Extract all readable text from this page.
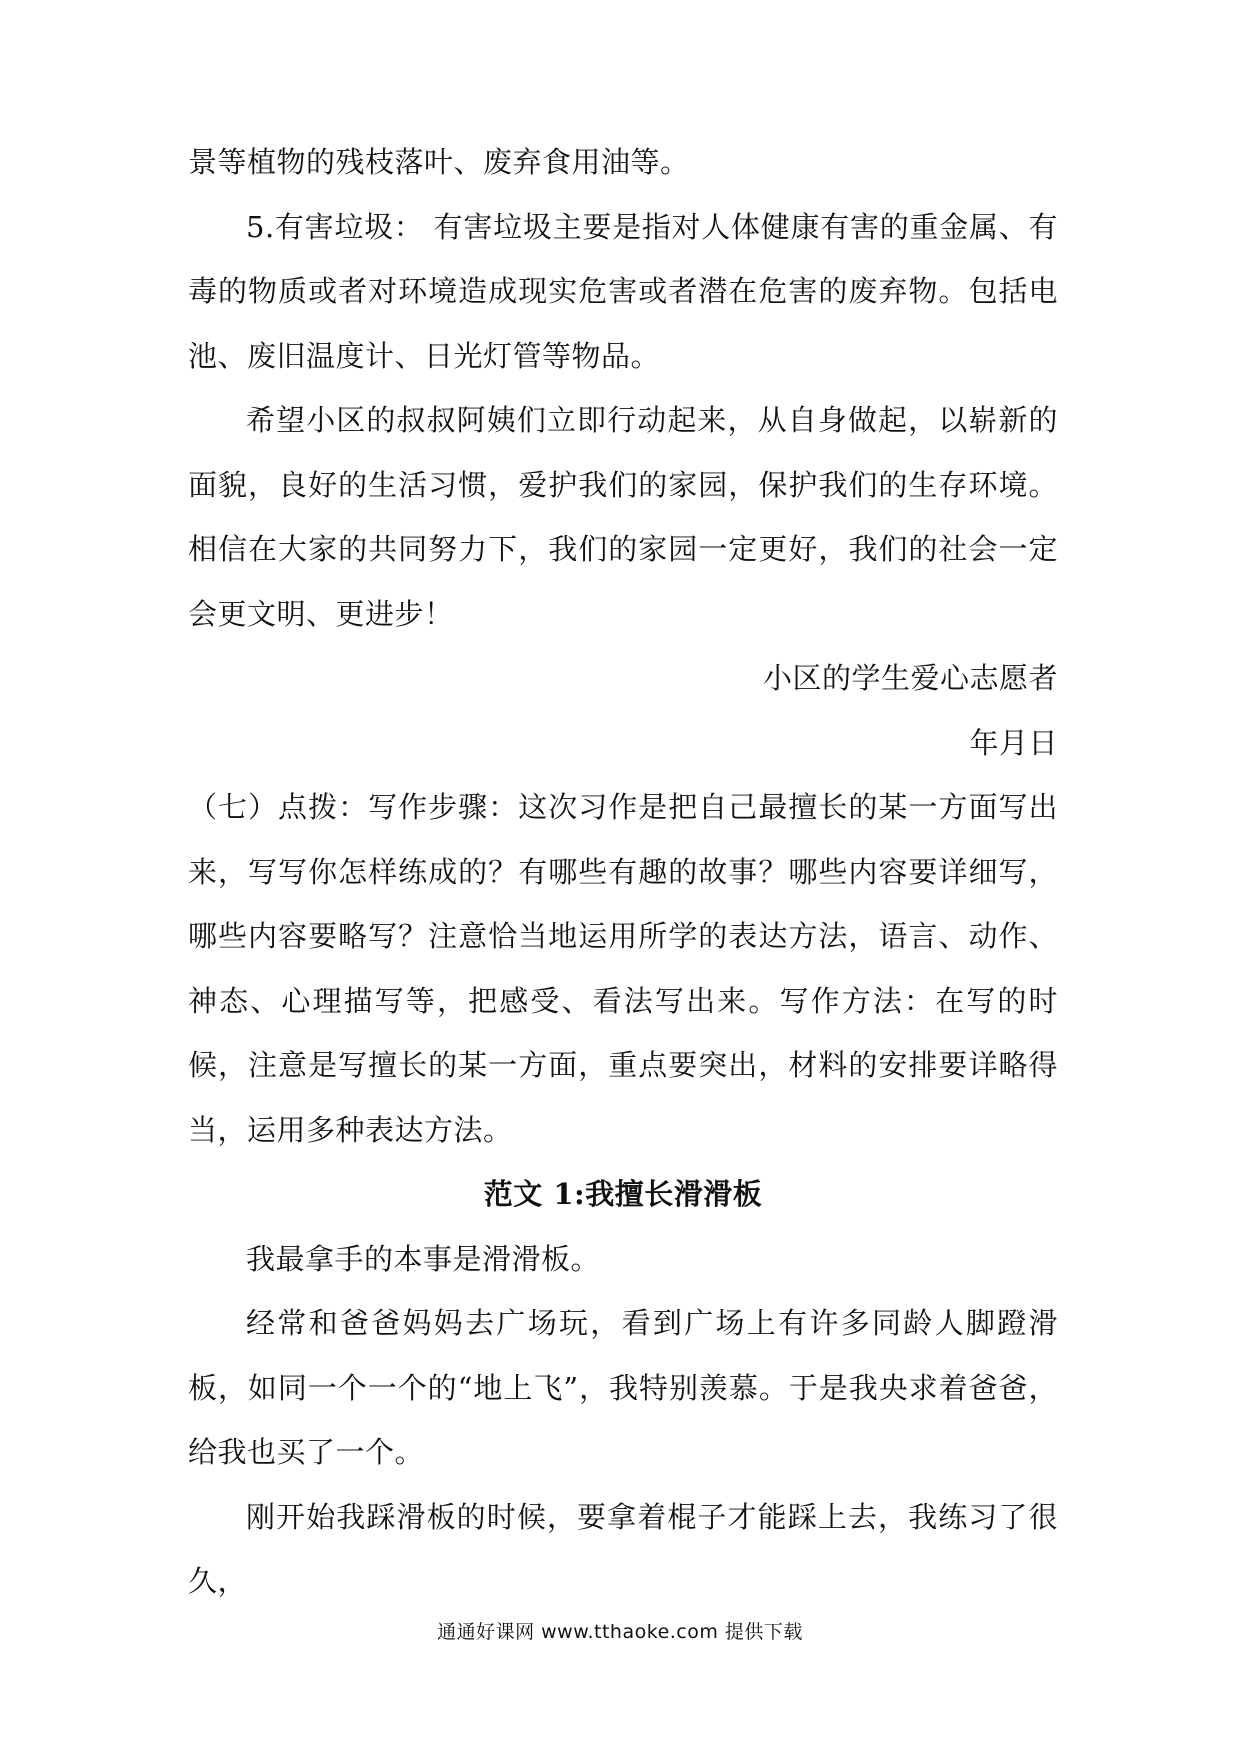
景等植物的残枝落叶、废弃食用油等。

5.有害垃圾： 有害垃圾主要是指对人体健康有害的重金属、有毒的物质或者对环境造成现实危害或者潜在危害的废弃物。包括电池、废旧温度计、日光灯管等物品。

希望小区的叔叔阿姨们立即行动起来，从自身做起，以崭新的面貌，良好的生活习惯，爱护我们的家园，保护我们的生存环境。相信在大家的共同努力下，我们的家园一定更好，我们的社会一定会更文明、更进步！

小区的学生爱心志愿者

年月日

（七）点拨：写作步骤：这次习作是把自己最擅长的某一方面写出来，写写你怎样练成的？有哪些有趣的故事？哪些内容要详细写，哪些内容要略写？注意恰当地运用所学的表达方法，语言、动作、神态、心理描写等，把感受、看法写出来。写作方法：在写的时候，注意是写擅长的某一方面，重点要突出，材料的安排要详略得当，运用多种表达方法。

范文 1:我擅长滑滑板

我最拿手的本事是滑滑板。

经常和爸爸妈妈去广场玩，看到广场上有许多同龄人脚蹬滑板，如同一个一个的“地上飞”，我特别羡慕。于是我央求着爸爸，给我也买了一个。

刚开始我踩滑板的时候，要拿着棍子才能踩上去，我练习了很久，

通通好课网 www.tthaoke.com 提供下载
